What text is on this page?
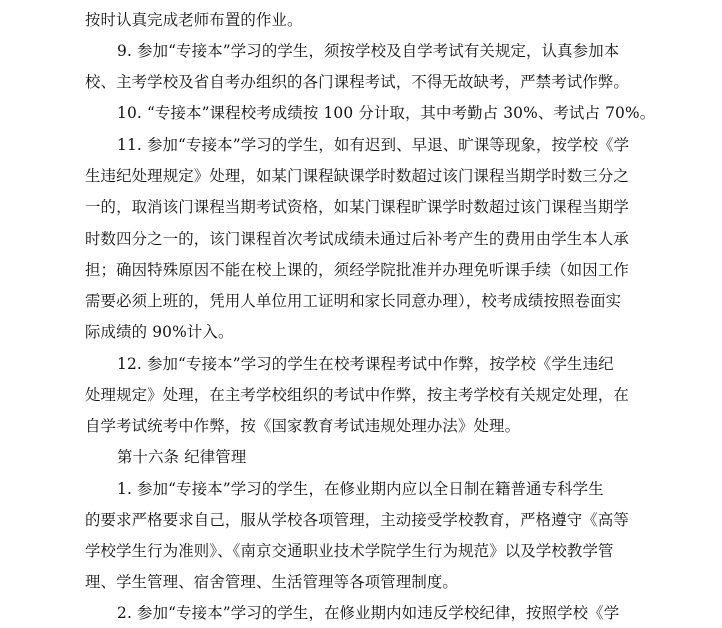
按时认真完成老师布置的作业。
9. 参加“专接本”学习的学生，须按学校及自学考试有关规定，认真参加本
校、主考学校及省自考办组织的各门课程考试，不得无故缺考，严禁考试作弊。
10. “专接本”课程校考成绩按 100 分计取，其中考勤占 30%、考试占 70%。
11. 参加“专接本”学习的学生，如有迟到、早退、旷课等现象，按学校《学
生违纪处理规定》处理，如某门课程缺课学时数超过该门课程当期学时数三分之
一的，取消该门课程当期考试资格，如某门课程旷课学时数超过该门课程当期学
时数四分之一的，该门课程首次考试成绩未通过后补考产生的费用由学生本人承
担；确因特殊原因不能在校上课的，须经学院批准并办理免听课手续（如因工作
需要必须上班的，凭用人单位用工证明和家长同意办理），校考成绩按照卷面实
际成绩的 90%计入。
12. 参加“专接本”学习的学生在校考课程考试中作弊，按学校《学生违纪
处理规定》处理，在主考学校组织的考试中作弊，按主考学校有关规定处理，在
自学考试统考中作弊，按《国家教育考试违规处理办法》处理。
第十六条 纪律管理
1. 参加“专接本”学习的学生，在修业期内应以全日制在籍普通专科学生
的要求严格要求自己，服从学校各项管理，主动接受学校教育，严格遵守《高等
学校学生行为准则》、《南京交通职业技术学院学生行为规范》以及学校教学管
理、学生管理、宿舍管理、生活管理等各项管理制度。
2. 参加“专接本”学习的学生，在修业期内如违反学校纪律，按照学校《学
